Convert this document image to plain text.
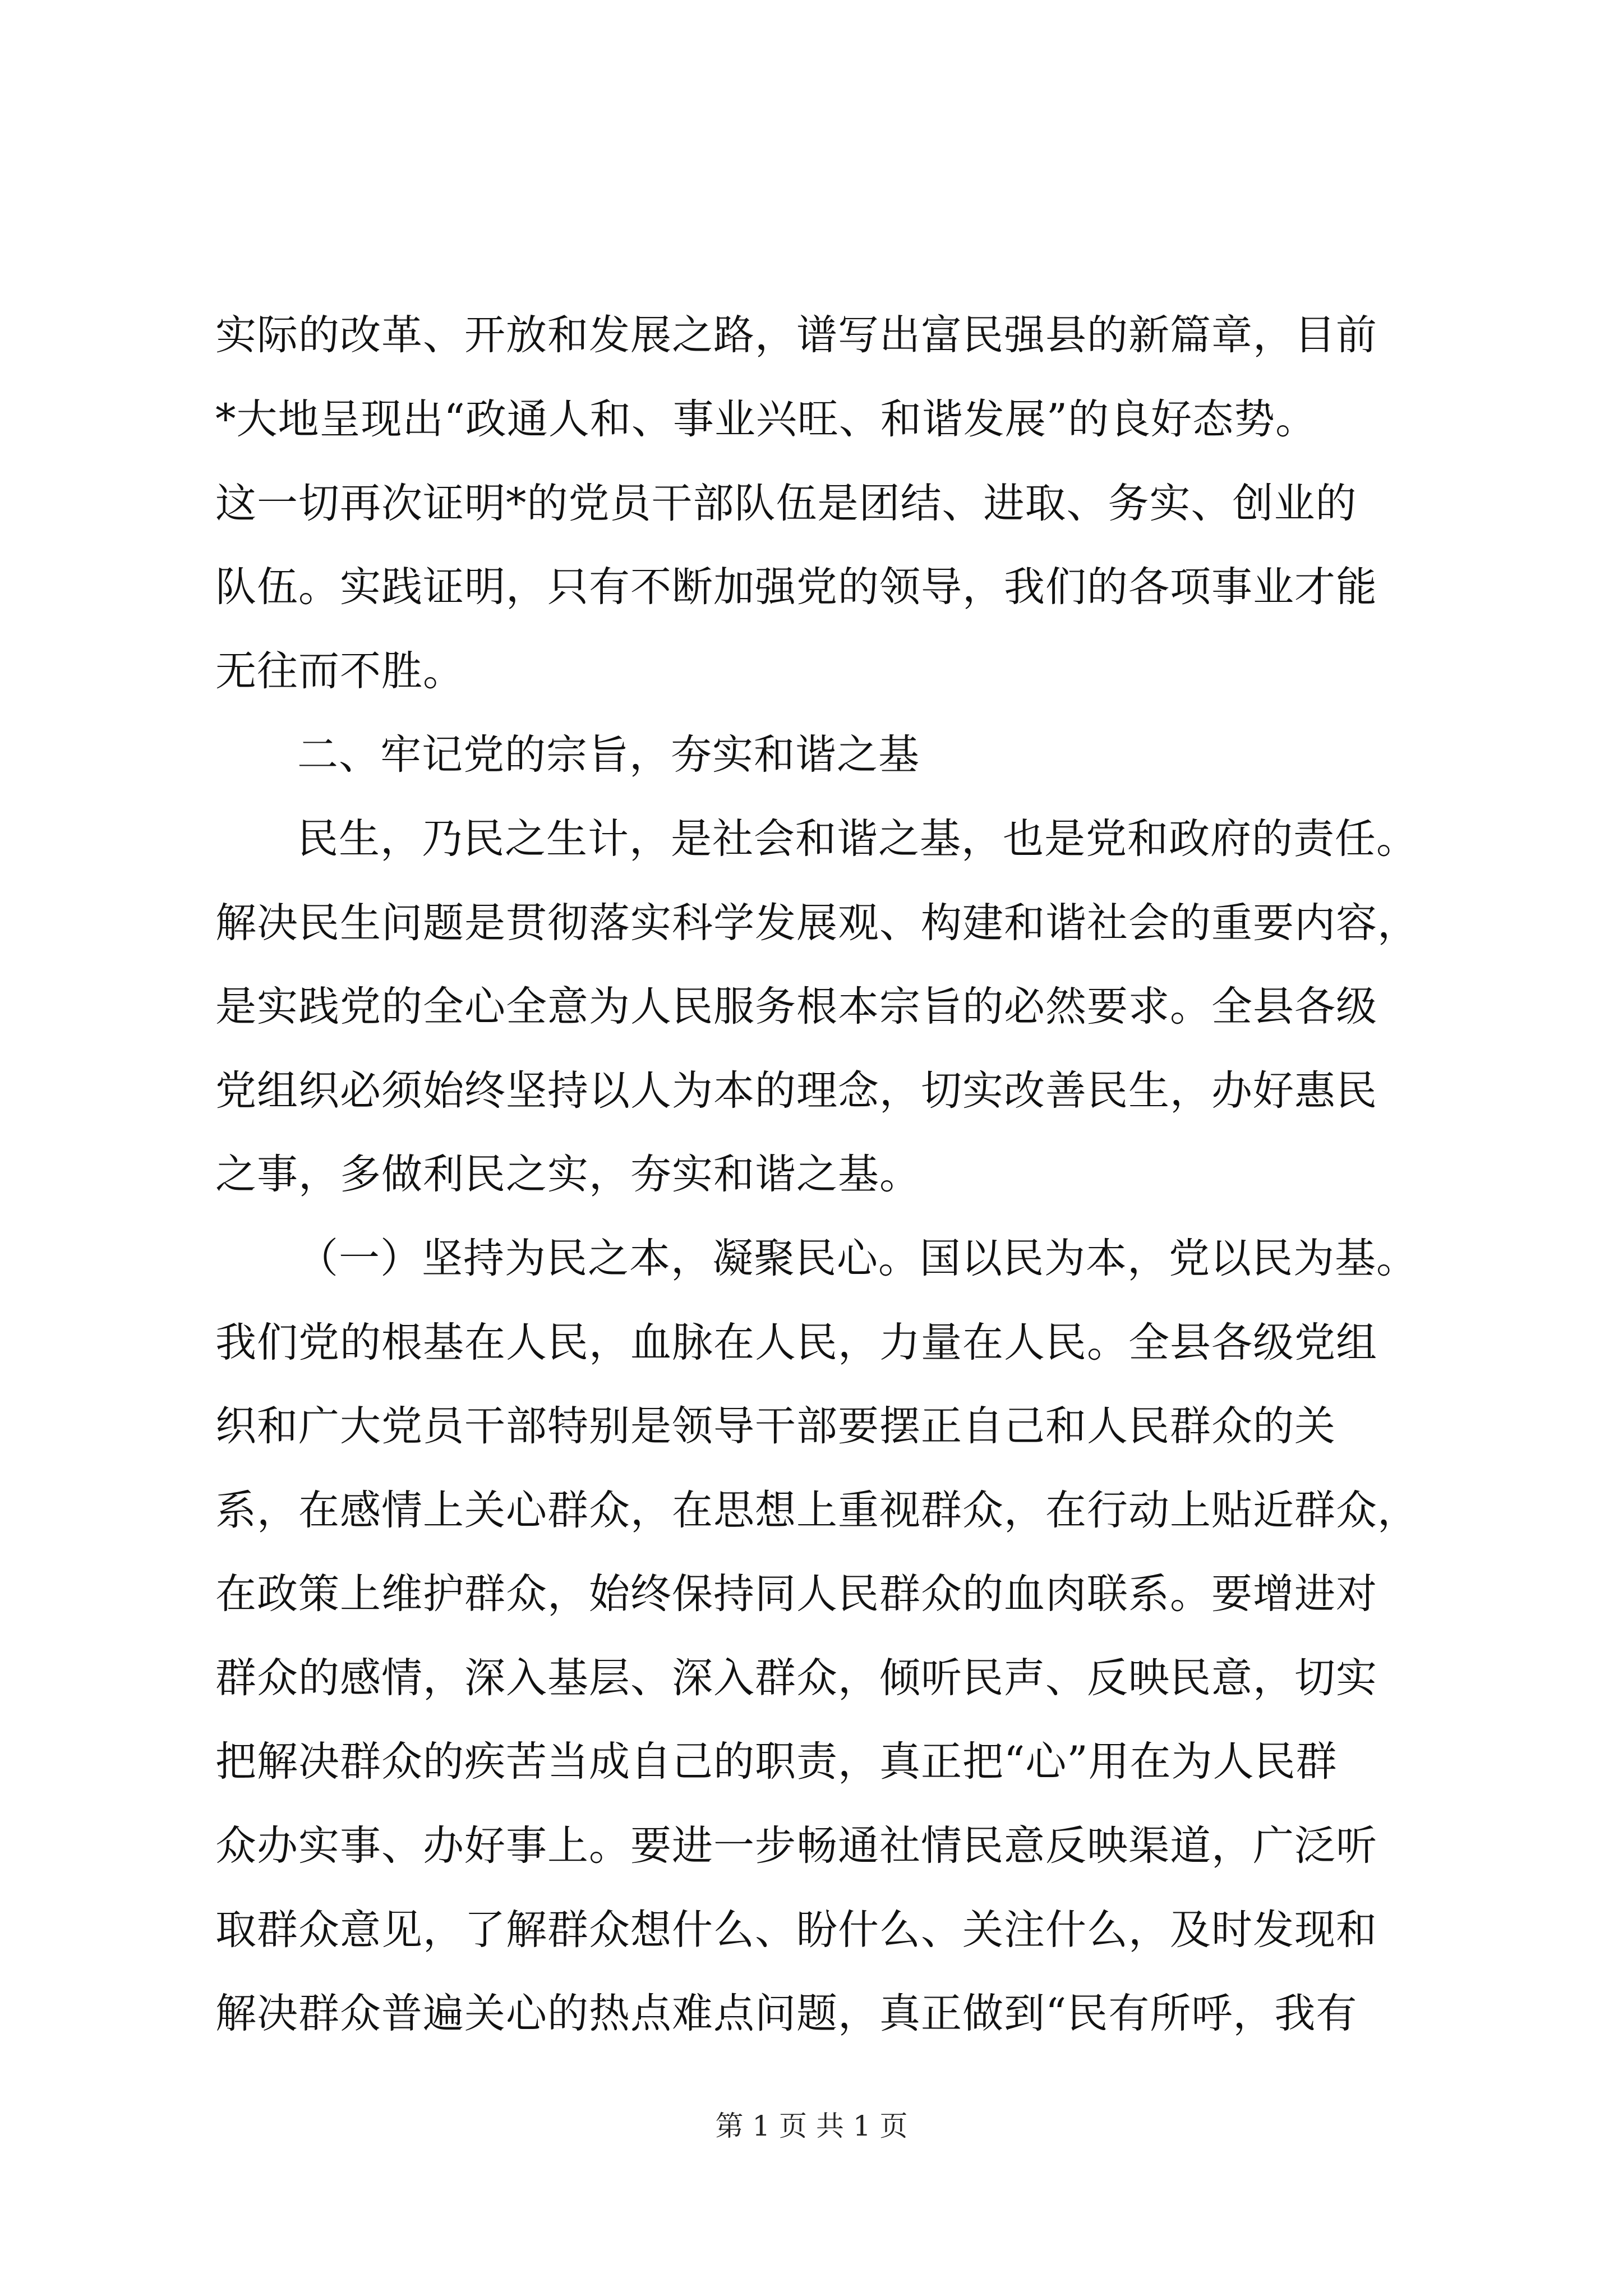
实际的改革、开放和发展之路，谱写出富民强县的新篇章，目前
*大地呈现出“政通人和、事业兴旺、和谐发展”的良好态势。
这一切再次证明*的党员干部队伍是团结、进取、务实、创业的
队伍。实践证明，只有不断加强党的领导，我们的各项事业才能
无往而不胜。
二、牢记党的宗旨，夯实和谐之基
民生，乃民之生计，是社会和谐之基，也是党和政府的责任。
解决民生问题是贯彻落实科学发展观、构建和谐社会的重要内容，
是实践党的全心全意为人民服务根本宗旨的必然要求。全县各级
党组织必须始终坚持以人为本的理念，切实改善民生，办好惠民
之事，多做利民之实，夯实和谐之基。
（一）坚持为民之本，凝聚民心。国以民为本，党以民为基。
我们党的根基在人民，血脉在人民，力量在人民。全县各级党组
织和广大党员干部特别是领导干部要摆正自己和人民群众的关
系，在感情上关心群众，在思想上重视群众，在行动上贴近群众，
在政策上维护群众，始终保持同人民群众的血肉联系。要增进对
群众的感情，深入基层、深入群众，倾听民声、反映民意，切实
把解决群众的疾苦当成自己的职责，真正把“心”用在为人民群
众办实事、办好事上。要进一步畅通社情民意反映渠道，广泛听
取群众意见，了解群众想什么、盼什么、关注什么，及时发现和
解决群众普遍关心的热点难点问题，真正做到“民有所呼，我有
第 1 页 共 1 页
